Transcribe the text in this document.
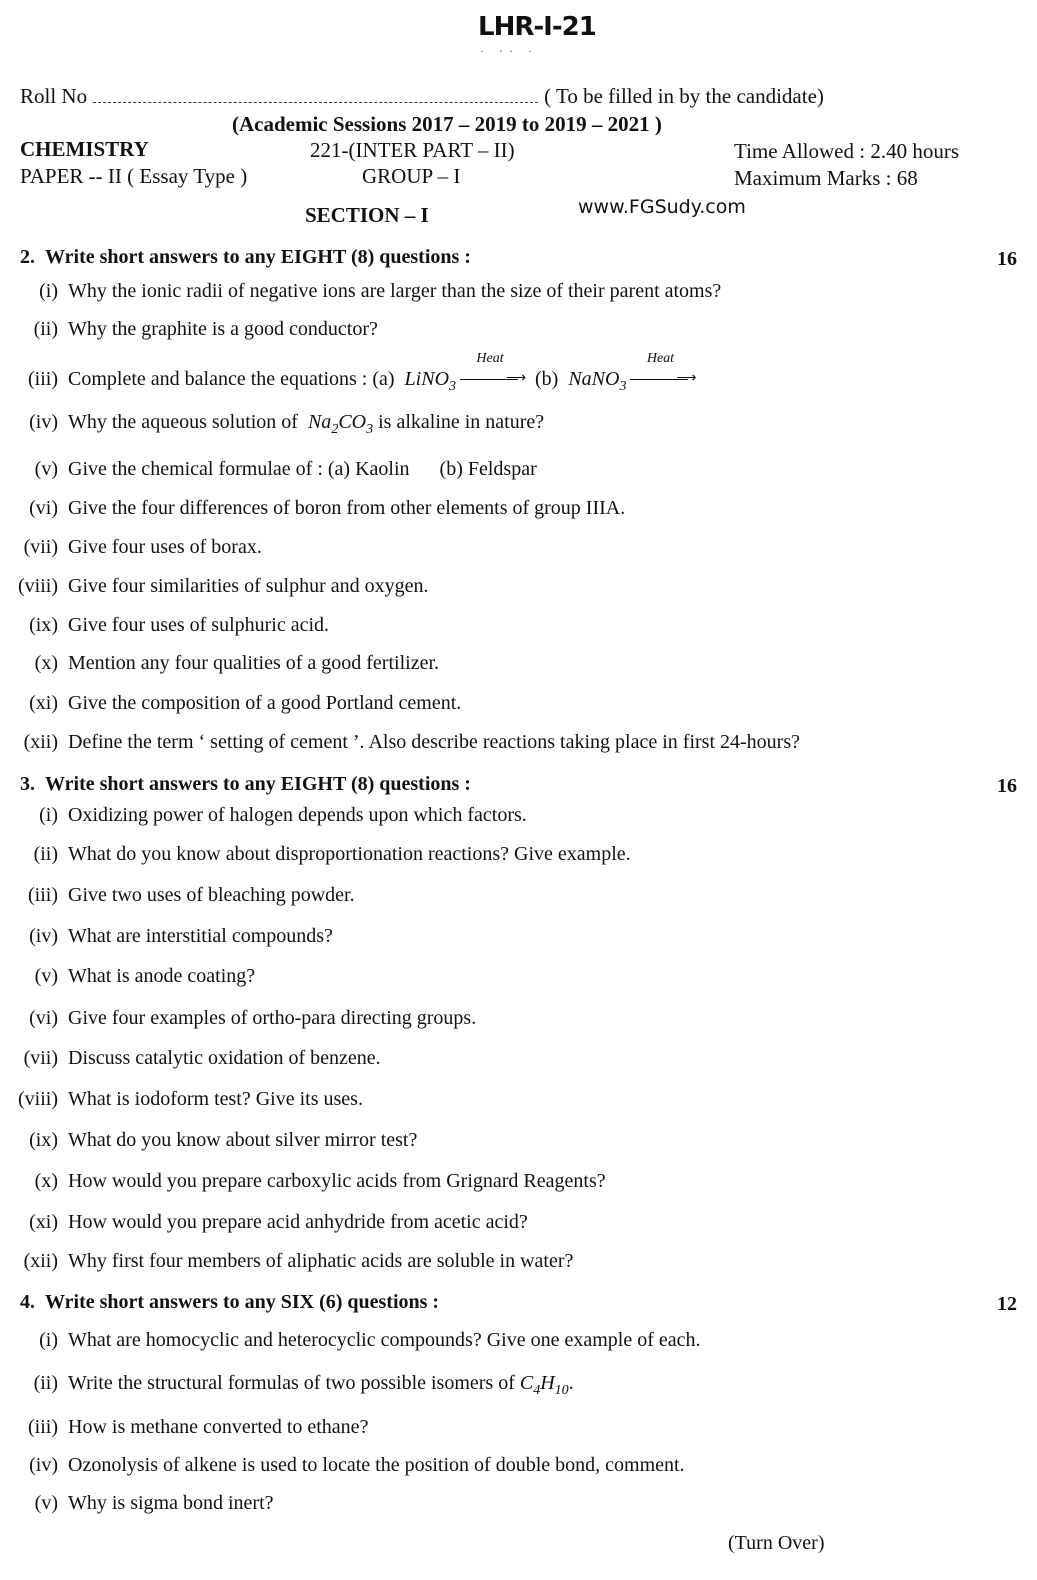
LHR-I-21
· ·· ·
Roll No	( To be filled in by the candidate)
(Academic Sessions 2017 – 2019 to 2019 – 2021 )
CHEMISTRY	221-(INTER PART – II)	Time Allowed : 2.40 hours
PAPER -- II ( Essay Type )	GROUP – I	Maximum Marks : 68
SECTION – I	www.FGSudy.com
2. Write short answers to any EIGHT (8) questions :	16
(i) Why the ionic radii of negative ions are larger than the size of their parent atoms?
(ii) Why the graphite is a good conductor?
(iii) Complete and balance the equations : (a) LiNO$_3$
Heat
⟶ (b) NaNO$_3$
Heat
⟶
(iv) Why the aqueous solution of $Na_2CO_3$ is alkaline in nature?
(v) Give the chemical formulae of : (a) Kaolin (b) Feldspar
(vi) Give the four differences of boron from other elements of group IIIA.
(vii) Give four uses of borax.
(viii) Give four similarities of sulphur and oxygen.
(ix) Give four uses of sulphuric acid.
(x) Mention any four qualities of a good fertilizer.
(xi) Give the composition of a good Portland cement.
(xii) Define the term ‘ setting of cement ’. Also describe reactions taking place in first 24-hours?
3. Write short answers to any EIGHT (8) questions :	16
(i) Oxidizing power of halogen depends upon which factors.
(ii) What do you know about disproportionation reactions? Give example.
(iii) Give two uses of bleaching powder.
(iv) What are interstitial compounds?
(v) What is anode coating?
(vi) Give four examples of ortho-para directing groups.
(vii) Discuss catalytic oxidation of benzene.
(viii) What is iodoform test? Give its uses.
(ix) What do you know about silver mirror test?
(x) How would you prepare carboxylic acids from Grignard Reagents?
(xi) How would you prepare acid anhydride from acetic acid?
(xii) Why first four members of aliphatic acids are soluble in water?
4. Write short answers to any SIX (6) questions :	12
(i) What are homocyclic and heterocyclic compounds? Give one example of each.
(ii) Write the structural formulas of two possible isomers of $C_4H_{10}$.
(iii) How is methane converted to ethane?
(iv) Ozonolysis of alkene is used to locate the position of double bond, comment.
(v) Why is sigma bond inert?
(Turn Over)
